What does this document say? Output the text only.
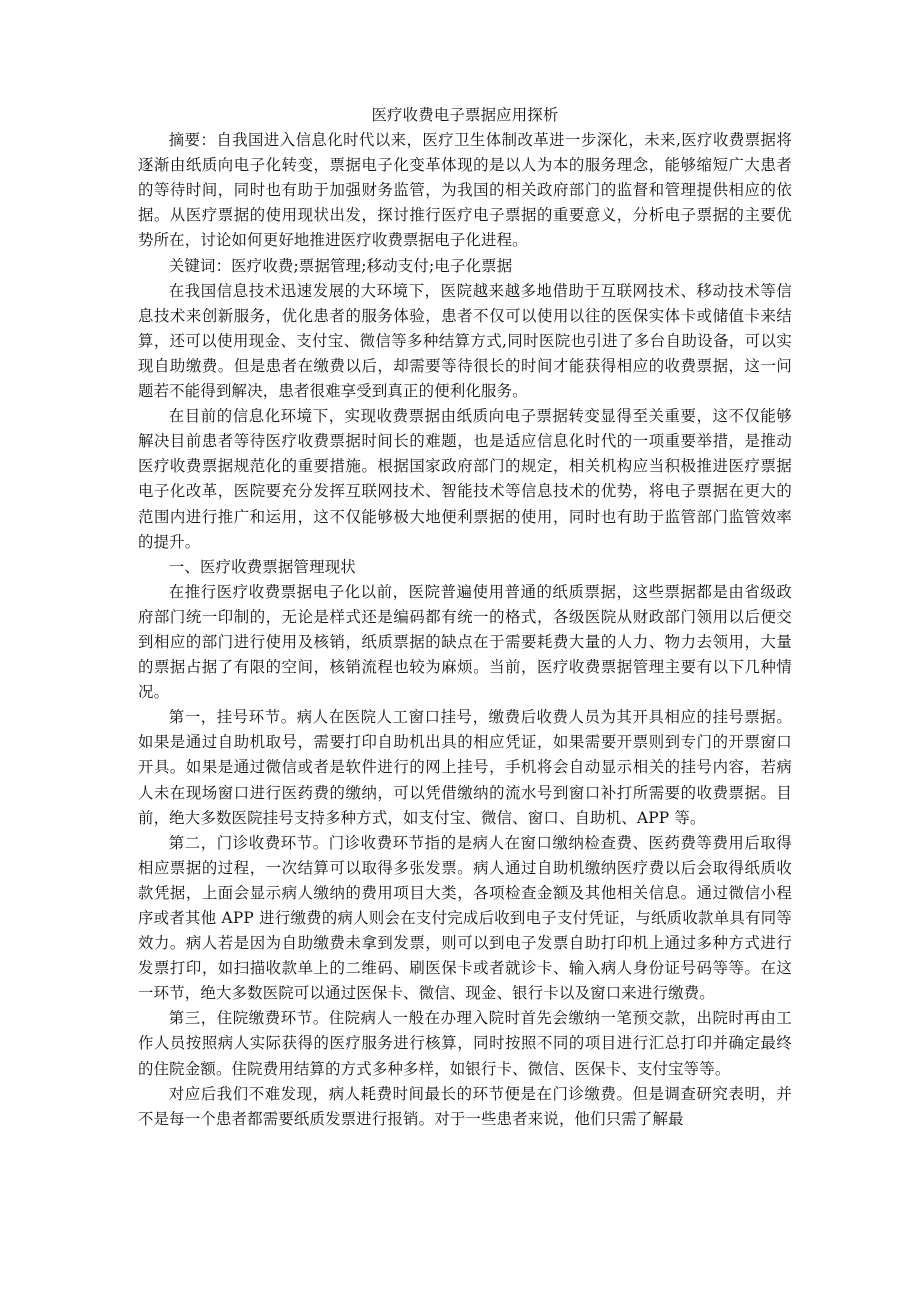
医疗收费电子票据应用探析

摘要：自我国进入信息化时代以来，医疗卫生体制改革进一步深化，未来,医疗收费票据将逐渐由纸质向电子化转变，票据电子化变革体现的是以人为本的服务理念，能够缩短广大患者的等待时间，同时也有助于加强财务监管，为我国的相关政府部门的监督和管理提供相应的依据。从医疗票据的使用现状出发，探讨推行医疗电子票据的重要意义，分析电子票据的主要优势所在，讨论如何更好地推进医疗收费票据电子化进程。

关键词：医疗收费;票据管理;移动支付;电子化票据

在我国信息技术迅速发展的大环境下，医院越来越多地借助于互联网技术、移动技术等信息技术来创新服务，优化患者的服务体验，患者不仅可以使用以往的医保实体卡或储值卡来结算，还可以使用现金、支付宝、微信等多种结算方式,同时医院也引进了多台自助设备，可以实现自助缴费。但是患者在缴费以后，却需要等待很长的时间才能获得相应的收费票据，这一问题若不能得到解决，患者很难享受到真正的便利化服务。

在目前的信息化环境下，实现收费票据由纸质向电子票据转变显得至关重要，这不仅能够解决目前患者等待医疗收费票据时间长的难题，也是适应信息化时代的一项重要举措，是推动医疗收费票据规范化的重要措施。根据国家政府部门的规定，相关机构应当积极推进医疗票据电子化改革，医院要充分发挥互联网技术、智能技术等信息技术的优势，将电子票据在更大的范围内进行推广和运用，这不仅能够极大地便利票据的使用，同时也有助于监管部门监管效率的提升。

一、医疗收费票据管理现状

在推行医疗收费票据电子化以前，医院普遍使用普通的纸质票据，这些票据都是由省级政府部门统一印制的，无论是样式还是编码都有统一的格式，各级医院从财政部门领用以后便交到相应的部门进行使用及核销，纸质票据的缺点在于需要耗费大量的人力、物力去领用，大量的票据占据了有限的空间，核销流程也较为麻烦。当前，医疗收费票据管理主要有以下几种情况。

第一，挂号环节。病人在医院人工窗口挂号，缴费后收费人员为其开具相应的挂号票据。如果是通过自助机取号，需要打印自助机出具的相应凭证，如果需要开票则到专门的开票窗口开具。如果是通过微信或者是软件进行的网上挂号，手机将会自动显示相关的挂号内容，若病人未在现场窗口进行医药费的缴纳，可以凭借缴纳的流水号到窗口补打所需要的收费票据。目前，绝大多数医院挂号支持多种方式，如支付宝、微信、窗口、自助机、APP 等。

第二，门诊收费环节。门诊收费环节指的是病人在窗口缴纳检查费、医药费等费用后取得相应票据的过程，一次结算可以取得多张发票。病人通过自助机缴纳医疗费以后会取得纸质收款凭据，上面会显示病人缴纳的费用项目大类，各项检查金额及其他相关信息。通过微信小程序或者其他 APP 进行缴费的病人则会在支付完成后收到电子支付凭证，与纸质收款单具有同等效力。病人若是因为自助缴费未拿到发票，则可以到电子发票自助打印机上通过多种方式进行发票打印，如扫描收款单上的二维码、刷医保卡或者就诊卡、输入病人身份证号码等等。在这一环节，绝大多数医院可以通过医保卡、微信、现金、银行卡以及窗口来进行缴费。

第三，住院缴费环节。住院病人一般在办理入院时首先会缴纳一笔预交款，出院时再由工作人员按照病人实际获得的医疗服务进行核算，同时按照不同的项目进行汇总打印并确定最终的住院金额。住院费用结算的方式多种多样，如银行卡、微信、医保卡、支付宝等等。

对应后我们不难发现，病人耗费时间最长的环节便是在门诊缴费。但是调查研究表明，并不是每一个患者都需要纸质发票进行报销。对于一些患者来说，他们只需了解最
